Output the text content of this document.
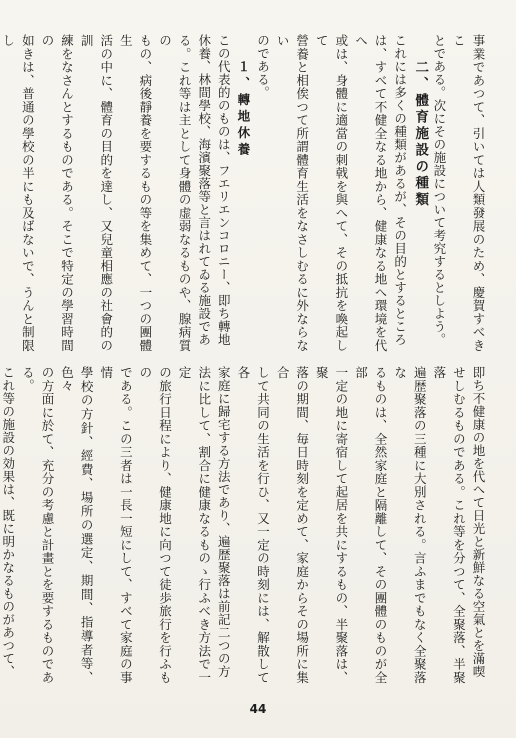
事業であつて、引いては人類發展のため、慶賀すべきこ
とである。次にその施設について考究するとしよう。
二、體育施設の種類
これには多くの種類があるが、その目的とするところ
は、すべて不健全なる地から、健康なる地へ環境を代へ
或は、身體に適當の刺戟を與へて、その抵抗を喚起して
營養と相俟つて所謂體育生活をなさしむるに外ならない
のである。
１、轉地休養
この代表的のものは、フエリエンコロニー、即ち轉地
休養、林間學校、海濱聚落等と言はれてゐる施設であ
る。これ等は主として身體の虚弱なるものや、腺病質の
もの、病後靜養を要するもの等を集めて、一つの團體生
活の中に、體育の目的を達し、又兒童相應の社會的の訓
練をなさんとするものである。そこで特定の學習時間の
如きは、普通の學校の半にも及ばないで、うんと制限し
即ち不健康の地を代へて日光と新鮮なる空氣とを滿喫
せしむるものである。これ等を分つて、全聚落、半聚落
遍歴聚落の三種に大別される。言ふまでもなく全聚落な
るものは、全然家庭と隔離して、その團體のものが全部
一定の地に寄宿して起居を共にするもの、半聚落は、聚
落の期間、毎日時刻を定めて、家庭からその場所に集合
して共同の生活を行ひ、又一定の時刻には、解散して各
家庭に歸宅する方法であり、遍歴聚落は前記二つの方
法に比して、割合に健康なるものゝ行ふべき方法で一定
の旅行日程により、健康地に向つて徒歩旅行を行ふもの
である。この三者は一長一短にして、すべて家庭の事情
學校の方針、經費、場所の選定、期間、指導者等、色々
の方面に於て、充分の考慮と計畫とを要するものである。
これ等の施設の効果は、既に明かなるものがあつて、
44
